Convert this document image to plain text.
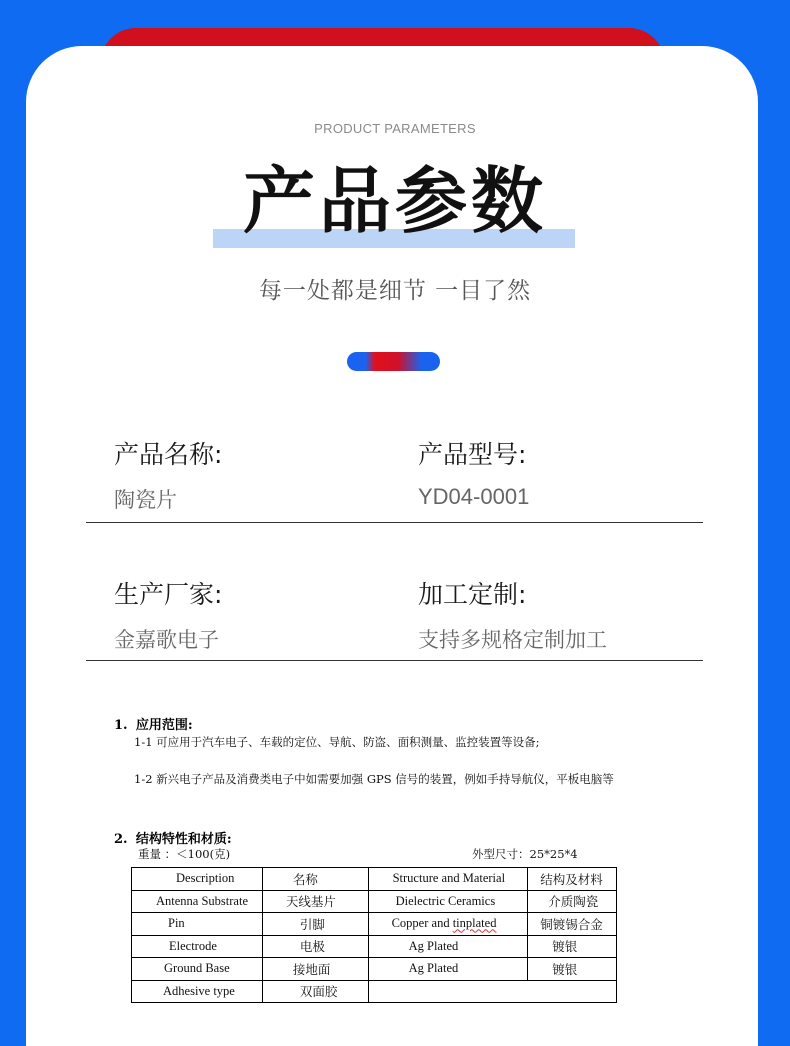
PRODUCT PARAMETERS
产品参数
每一处都是细节 一目了然
产品名称:
陶瓷片
产品型号:
YD04-0001
生产厂家:
金嘉歌电子
加工定制:
支持多规格定制加工
1. 应用范围:
1-1 可应用于汽车电子、车载的定位、导航、防盗、面积测量、监控装置等设备;
1-2 新兴电子产品及消费类电子中如需要加强 GPS 信号的装置，例如手持导航仪，平板电脑等
2. 结构特性和材质:
重量 ：＜100(克)	外型尺寸：25*25*4
Description	名称	Structure and Material	结构及材料
Antenna Substrate	天线基片	Dielectric Ceramics	介质陶瓷
Pin	引脚	Copper and tinplated	铜镀锡合金
Electrode	电极	Ag Plated	镀银
Ground Base	接地面	Ag Plated	镀银
Adhesive type	双面胶		
